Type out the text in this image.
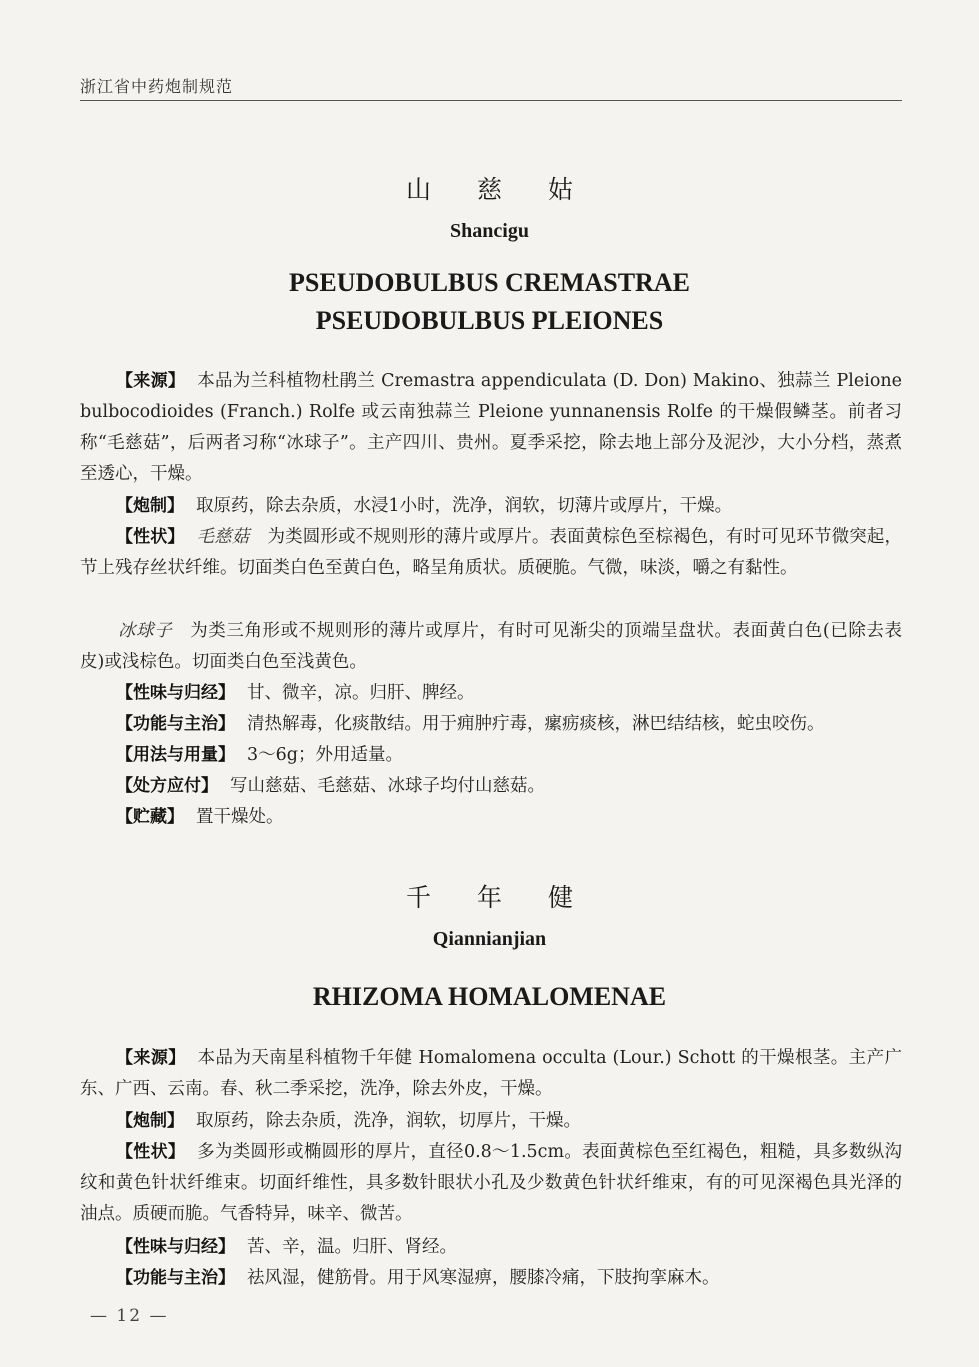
浙江省中药炮制规范
山慈姑
Shancigu
PSEUDOBULBUS CREMASTRAE
PSEUDOBULBUS PLEIONES
【来源】 本品为兰科植物杜鹃兰 Cremastra appendiculata (D. Don) Makino、独蒜兰 Pleione bulbocodioides (Franch.) Rolfe 或云南独蒜兰 Pleione yunnanensis Rolfe 的干燥假鳞茎。前者习称“毛慈菇”，后两者习称“冰球子”。主产四川、贵州。夏季采挖，除去地上部分及泥沙，大小分档，蒸煮至透心，干燥。
【炮制】 取原药，除去杂质，水浸1小时，洗净，润软，切薄片或厚片，干燥。
【性状】 毛慈菇 为类圆形或不规则形的薄片或厚片。表面黄棕色至棕褐色，有时可见环节微突起，节上残存丝状纤维。切面类白色至黄白色，略呈角质状。质硬脆。气微，味淡，嚼之有黏性。
冰球子 为类三角形或不规则形的薄片或厚片，有时可见渐尖的顶端呈盘状。表面黄白色(已除去表皮)或浅棕色。切面类白色至浅黄色。
【性味与归经】 甘、微辛，凉。归肝、脾经。
【功能与主治】 清热解毒，化痰散结。用于痈肿疔毒，瘰疬痰核，淋巴结结核，蛇虫咬伤。
【用法与用量】 3～6g；外用适量。
【处方应付】 写山慈菇、毛慈菇、冰球子均付山慈菇。
【贮藏】 置干燥处。
千年健
Qiannianjian
RHIZOMA HOMALOMENAE
【来源】 本品为天南星科植物千年健 Homalomena occulta (Lour.) Schott 的干燥根茎。主产广东、广西、云南。春、秋二季采挖，洗净，除去外皮，干燥。
【炮制】 取原药，除去杂质，洗净，润软，切厚片，干燥。
【性状】 多为类圆形或椭圆形的厚片，直径0.8～1.5cm。表面黄棕色至红褐色，粗糙，具多数纵沟纹和黄色针状纤维束。切面纤维性，具多数针眼状小孔及少数黄色针状纤维束，有的可见深褐色具光泽的油点。质硬而脆。气香特异，味辛、微苦。
【性味与归经】 苦、辛，温。归肝、肾经。
【功能与主治】 祛风湿，健筋骨。用于风寒湿痹，腰膝冷痛，下肢拘挛麻木。
— 12 —
